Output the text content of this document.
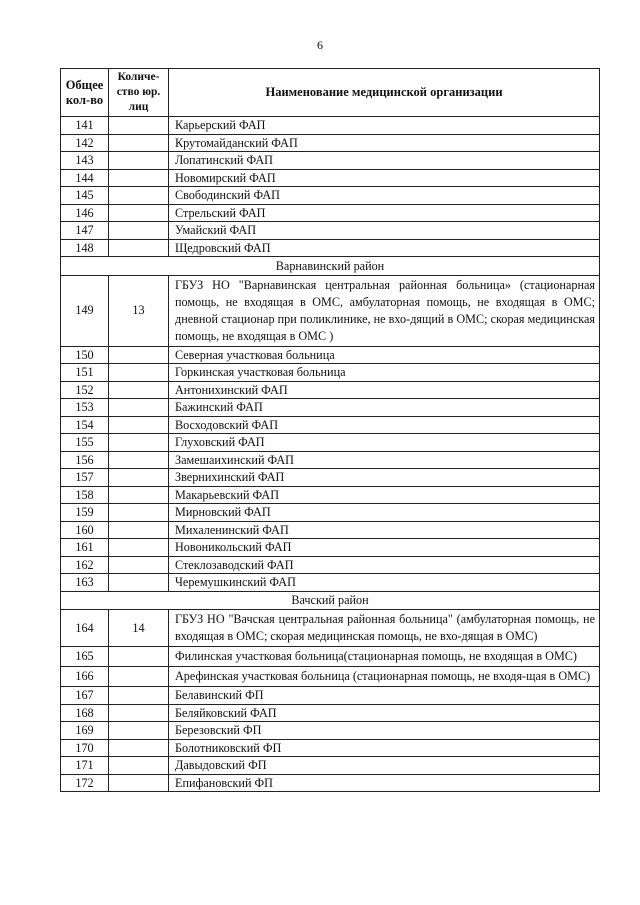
6
Общее кол-во	Количе-ство юр. лиц	Наименование медицинской организации
141		Карьерский ФАП
142		Крутомайданский ФАП
143		Лопатинский ФАП
144		Новомирский ФАП
145		Свободинский ФАП
146		Стрельский ФАП
147		Умайский ФАП
148		Щедровский ФАП
Варнавинский район		
149	13	ГБУЗ НО "Варнавинская центральная районная больница» (стационарная помощь, не входящая в ОМС, амбулаторная помощь, не входящая в ОМС; дневной стационар при поликлинике, не вхо-дящий в ОМС; скорая медицинская помощь, не входящая в ОМС )
150		Северная участковая больница
151		Горкинская участковая больница
152		Антонихинский ФАП
153		Бажинский ФАП
154		Восходовский ФАП
155		Глуховский ФАП
156		Замешаихинский ФАП
157		Звернихинский ФАП
158		Макарьевский ФАП
159		Мирновский ФАП
160		Михаленинский ФАП
161		Новоникольский ФАП
162		Стеклозаводский ФАП
163		Черемушкинский ФАП
Вачский район		
164	14	ГБУЗ НО "Вачская центральная районная больница" (амбулаторная помощь, не входящая в ОМС; скорая медицинская помощь, не вхо-дящая в ОМС)
165		Филинская участковая больница(стационарная помощь, не входящая в ОМС)
166		Арефинская участковая больница (стационарная помощь, не входя-щая в ОМС)
167		Белавинский ФП
168		Беляйковский ФАП
169		Березовский ФП
170		Болотниковский ФП
171		Давыдовский ФП
172		Епифановский ФП
